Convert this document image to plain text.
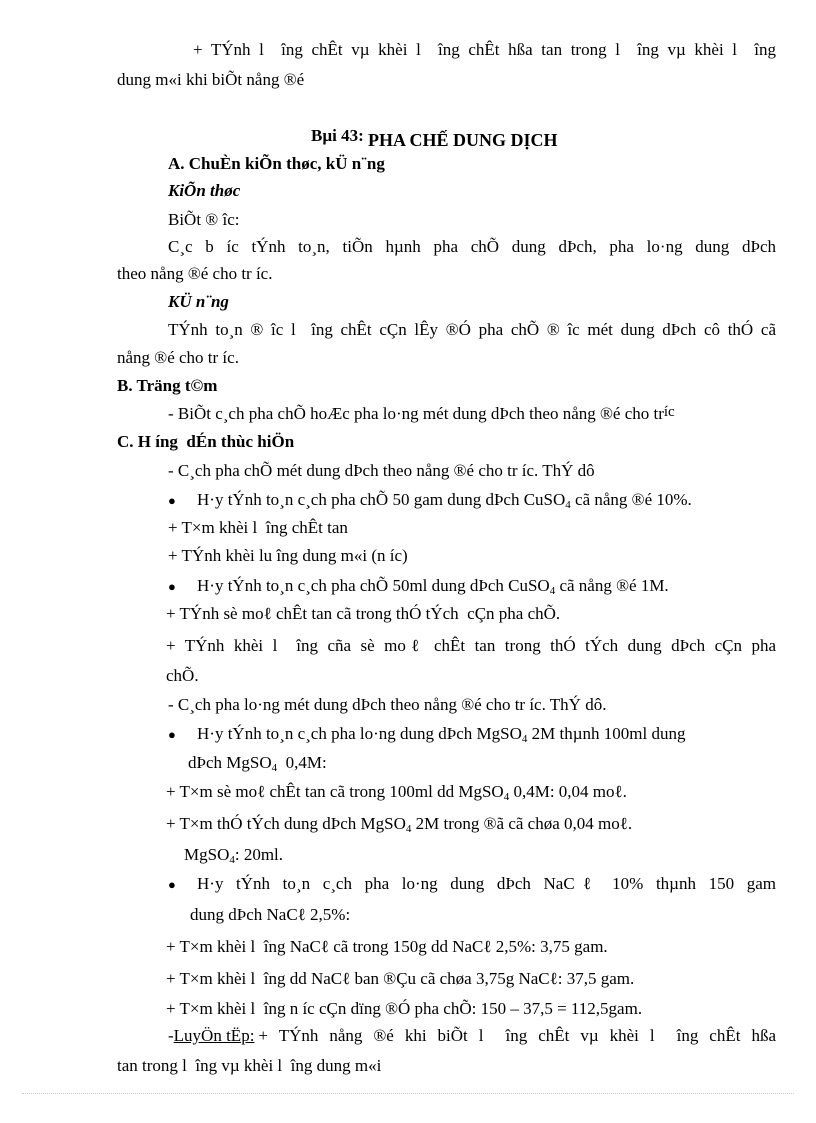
+ TÝnh l  îng chÊt vµ khèi l  îng chÊt hßa tan trong l  îng vµ khèi l  îng
dung m«i khi biÕt nång ®é
Bµi 43: PHA CHẾ DUNG DỊCH
A. ChuÈn kiÕn thøc, kÜ n¨ng
KiÕn thøc
BiÕt ® îc:
C¸c b íc tÝnh to¸n, tiÕn hµnh pha chÕ dung dÞch, pha lo·ng dung dÞch
theo nång ®é cho tr íc.
KÜ n¨ng
TÝnh to¸n ® îc l  îng chÊt cÇn lÊy ®Ó pha chÕ ® îc mét dung dÞch cô thÓ cã
nång ®é cho tr íc.
B. Träng t©m
- BiÕt c¸ch pha chÕ hoÆc pha lo·ng mét dung dÞch theo nång ®é cho tríc
C. H íng  dÉn thùc hiÖn
- C¸ch pha chÕ mét dung dÞch theo nång ®é cho tr íc. ThÝ dô
● H·y tÝnh to¸n c¸ch pha chÕ 50 gam dung dÞch CuSO$_4$ cã nång ®é 10%.
+ T×m khèi l  îng chÊt tan
+ TÝnh khèi lu îng dung m«i (n íc)
● H·y tÝnh to¸n c¸ch pha chÕ 50ml dung dÞch CuSO$_4$ cã nång ®é 1M.
+ TÝnh sè moℓ chÊt tan cã trong thÓ tÝch  cÇn pha chÕ.
+ TÝnh khèi l  îng cña sè moℓ chÊt tan trong thÓ tÝch dung dÞch cÇn pha
chÕ.
- C¸ch pha lo·ng mét dung dÞch theo nång ®é cho tr íc. ThÝ dô.
● H·y tÝnh to¸n c¸ch pha lo·ng dung dÞch MgSO$_4$ 2M thµnh 100ml dung
dÞch MgSO$_4$  0,4M:
+ T×m sè moℓ chÊt tan cã trong 100ml dd MgSO$_4$ 0,4M: 0,04 moℓ.
+ T×m thÓ tÝch dung dÞch MgSO$_4$ 2M trong ®ã cã chøa 0,04 moℓ.
MgSO$_4$: 20ml.
● H·y tÝnh to¸n c¸ch pha lo·ng dung dÞch NaCℓ 10% thµnh 150 gam
dung dÞch NaCℓ 2,5%:
+ T×m khèi l  îng NaCℓ cã trong 150g dd NaCℓ 2,5%: 3,75 gam.
+ T×m khèi l  îng dd NaCℓ ban ®Çu cã chøa 3,75g NaCℓ: 37,5 gam.
+ T×m khèi l  îng n íc cÇn dïng ®Ó pha chÕ: 150 – 37,5 = 112,5gam.
- LuyÖn tËp: + TÝnh nång ®é khi biÕt l  îng chÊt vµ khèi l  îng chÊt hßa
tan trong l  îng vµ khèi l  îng dung m«i
